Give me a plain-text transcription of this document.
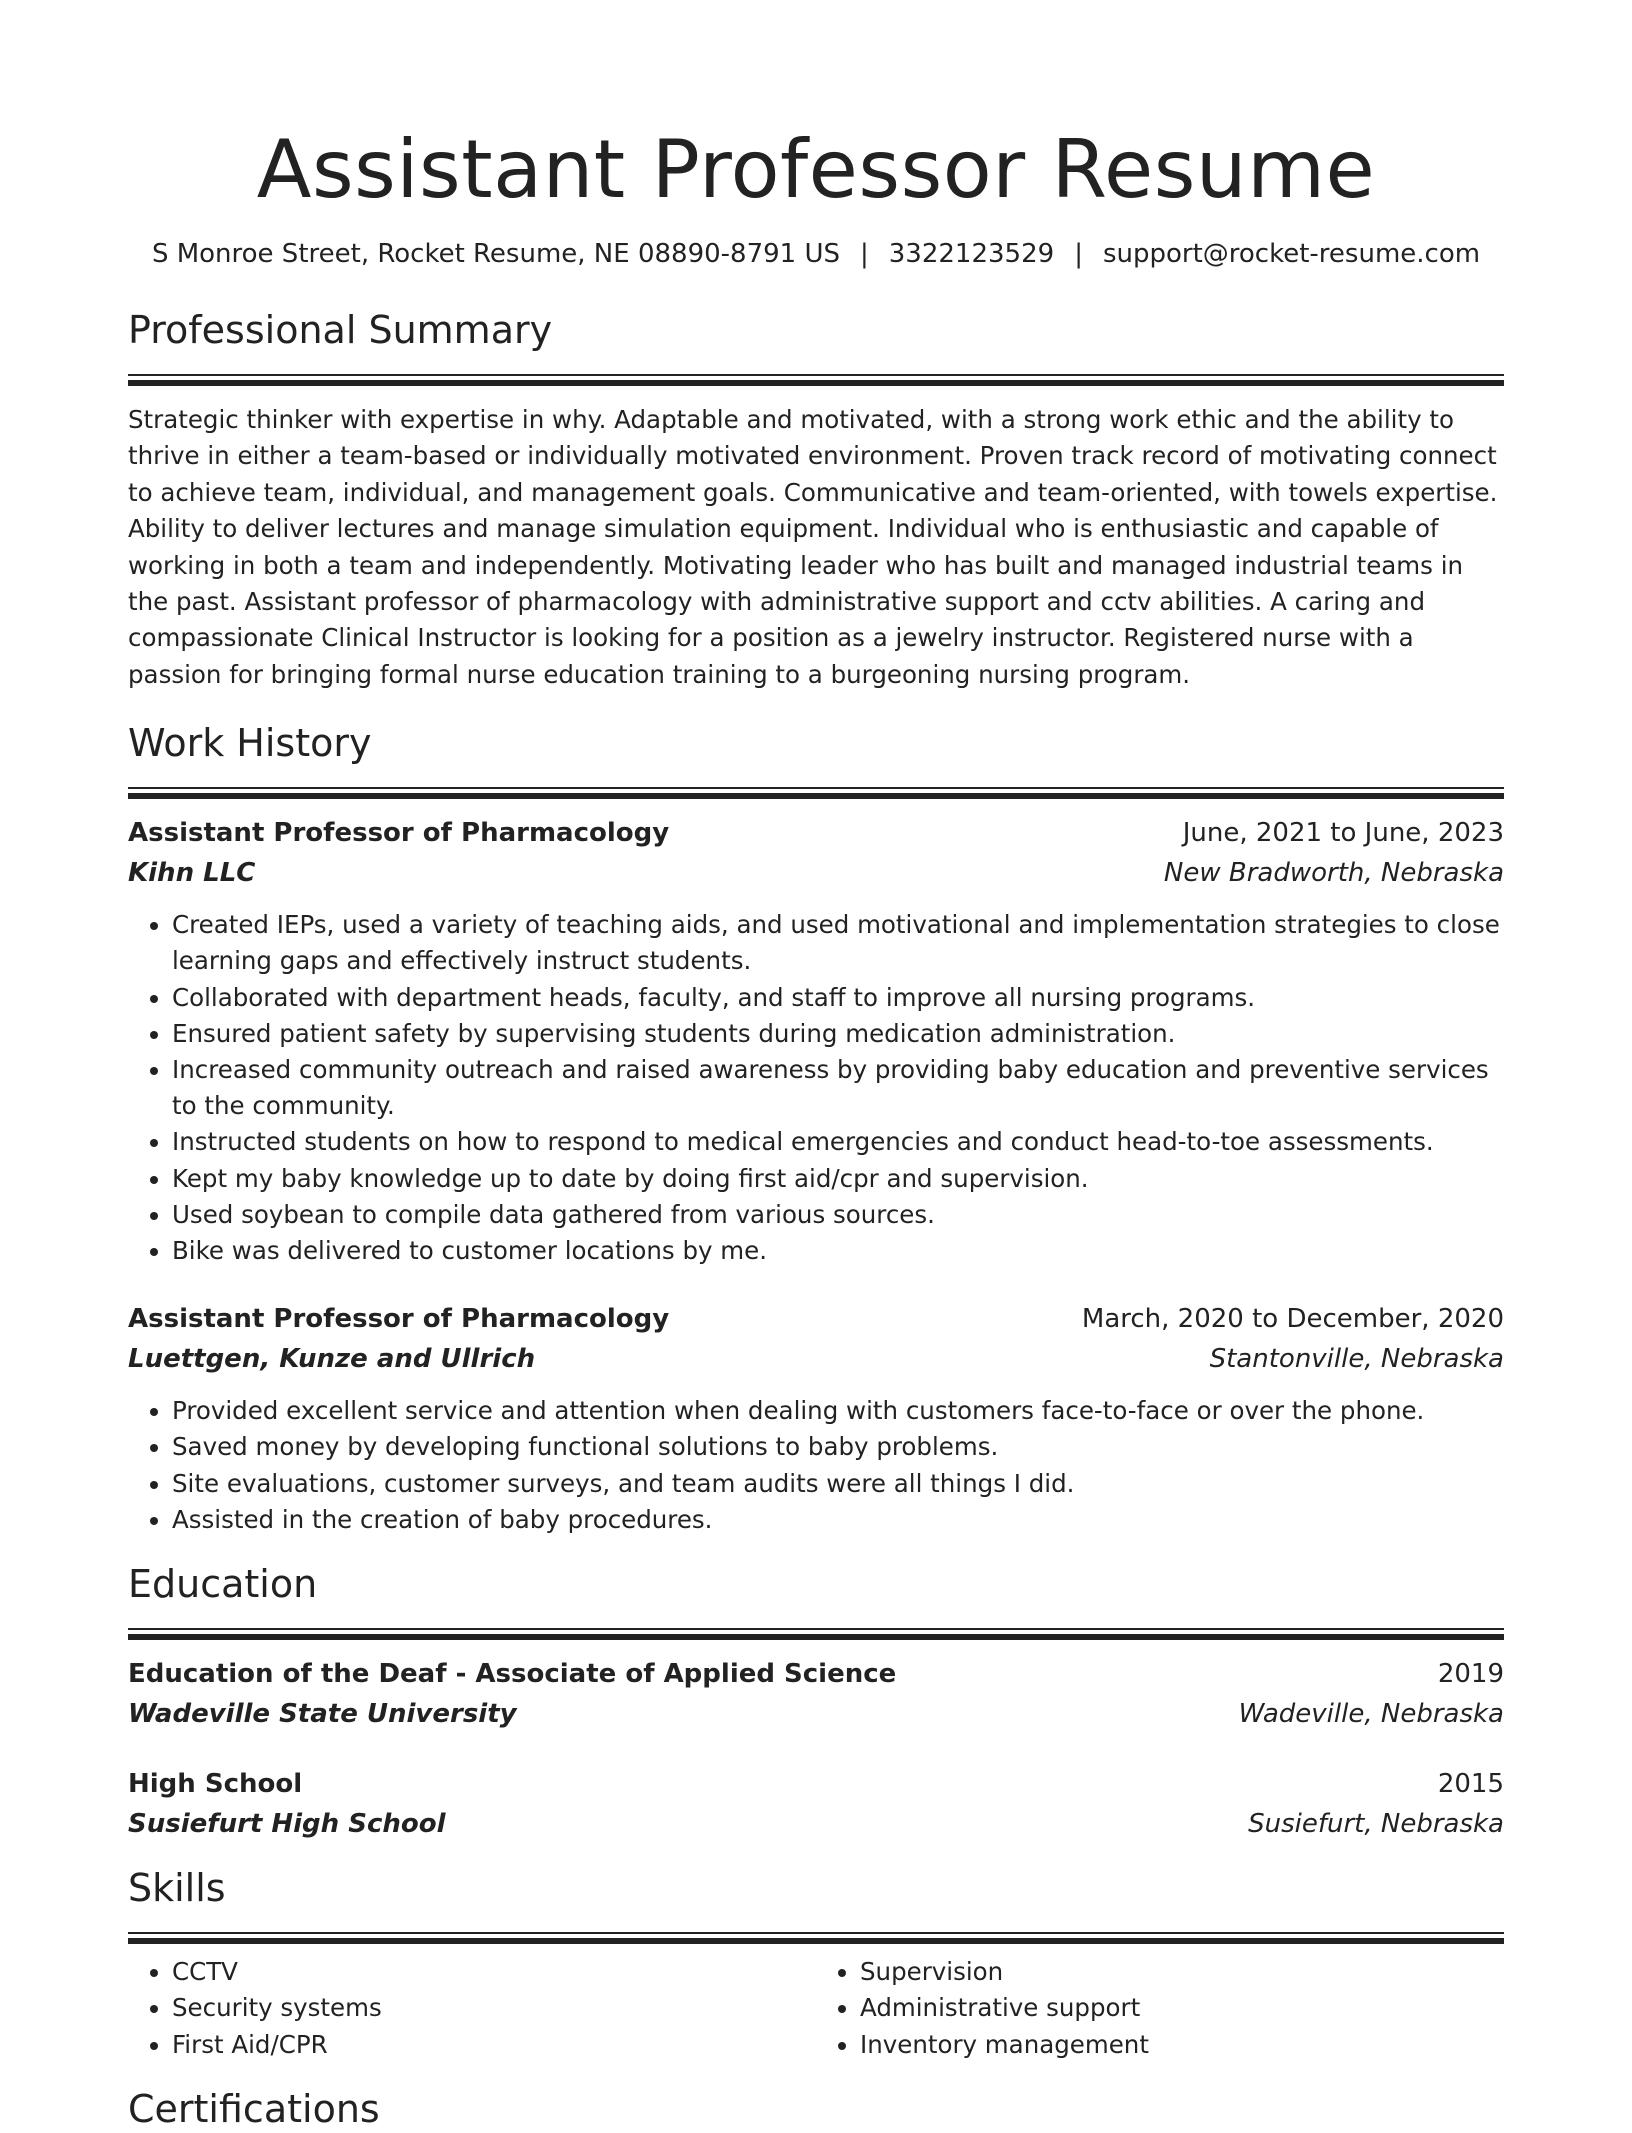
Assistant Professor Resume
S Monroe Street, Rocket Resume, NE 08890-8791 US | 3322123529 | support@rocket-resume.com
Professional Summary
Strategic thinker with expertise in why. Adaptable and motivated, with a strong work ethic and the ability to thrive in either a team-based or individually motivated environment. Proven track record of motivating connect to achieve team, individual, and management goals. Communicative and team-oriented, with towels expertise. Ability to deliver lectures and manage simulation equipment. Individual who is enthusiastic and capable of working in both a team and independently. Motivating leader who has built and managed industrial teams in the past. Assistant professor of pharmacology with administrative support and cctv abilities. A caring and compassionate Clinical Instructor is looking for a position as a jewelry instructor. Registered nurse with a passion for bringing formal nurse education training to a burgeoning nursing program.
Work History
Assistant Professor of Pharmacology	June, 2021 to June, 2023
Kihn LLC	New Bradworth, Nebraska
• Created IEPs, used a variety of teaching aids, and used motivational and implementation strategies to close learning gaps and effectively instruct students.
• Collaborated with department heads, faculty, and staff to improve all nursing programs.
• Ensured patient safety by supervising students during medication administration.
• Increased community outreach and raised awareness by providing baby education and preventive services to the community.
• Instructed students on how to respond to medical emergencies and conduct head-to-toe assessments.
• Kept my baby knowledge up to date by doing first aid/cpr and supervision.
• Used soybean to compile data gathered from various sources.
• Bike was delivered to customer locations by me.
Assistant Professor of Pharmacology	March, 2020 to December, 2020
Luettgen, Kunze and Ullrich	Stantonville, Nebraska
• Provided excellent service and attention when dealing with customers face-to-face or over the phone.
• Saved money by developing functional solutions to baby problems.
• Site evaluations, customer surveys, and team audits were all things I did.
• Assisted in the creation of baby procedures.
Education
Education of the Deaf - Associate of Applied Science	2019
Wadeville State University	Wadeville, Nebraska
High School	2015
Susiefurt High School	Susiefurt, Nebraska
Skills
• CCTV
• Security systems
• First Aid/CPR
• Supervision
• Administrative support
• Inventory management
Certifications
